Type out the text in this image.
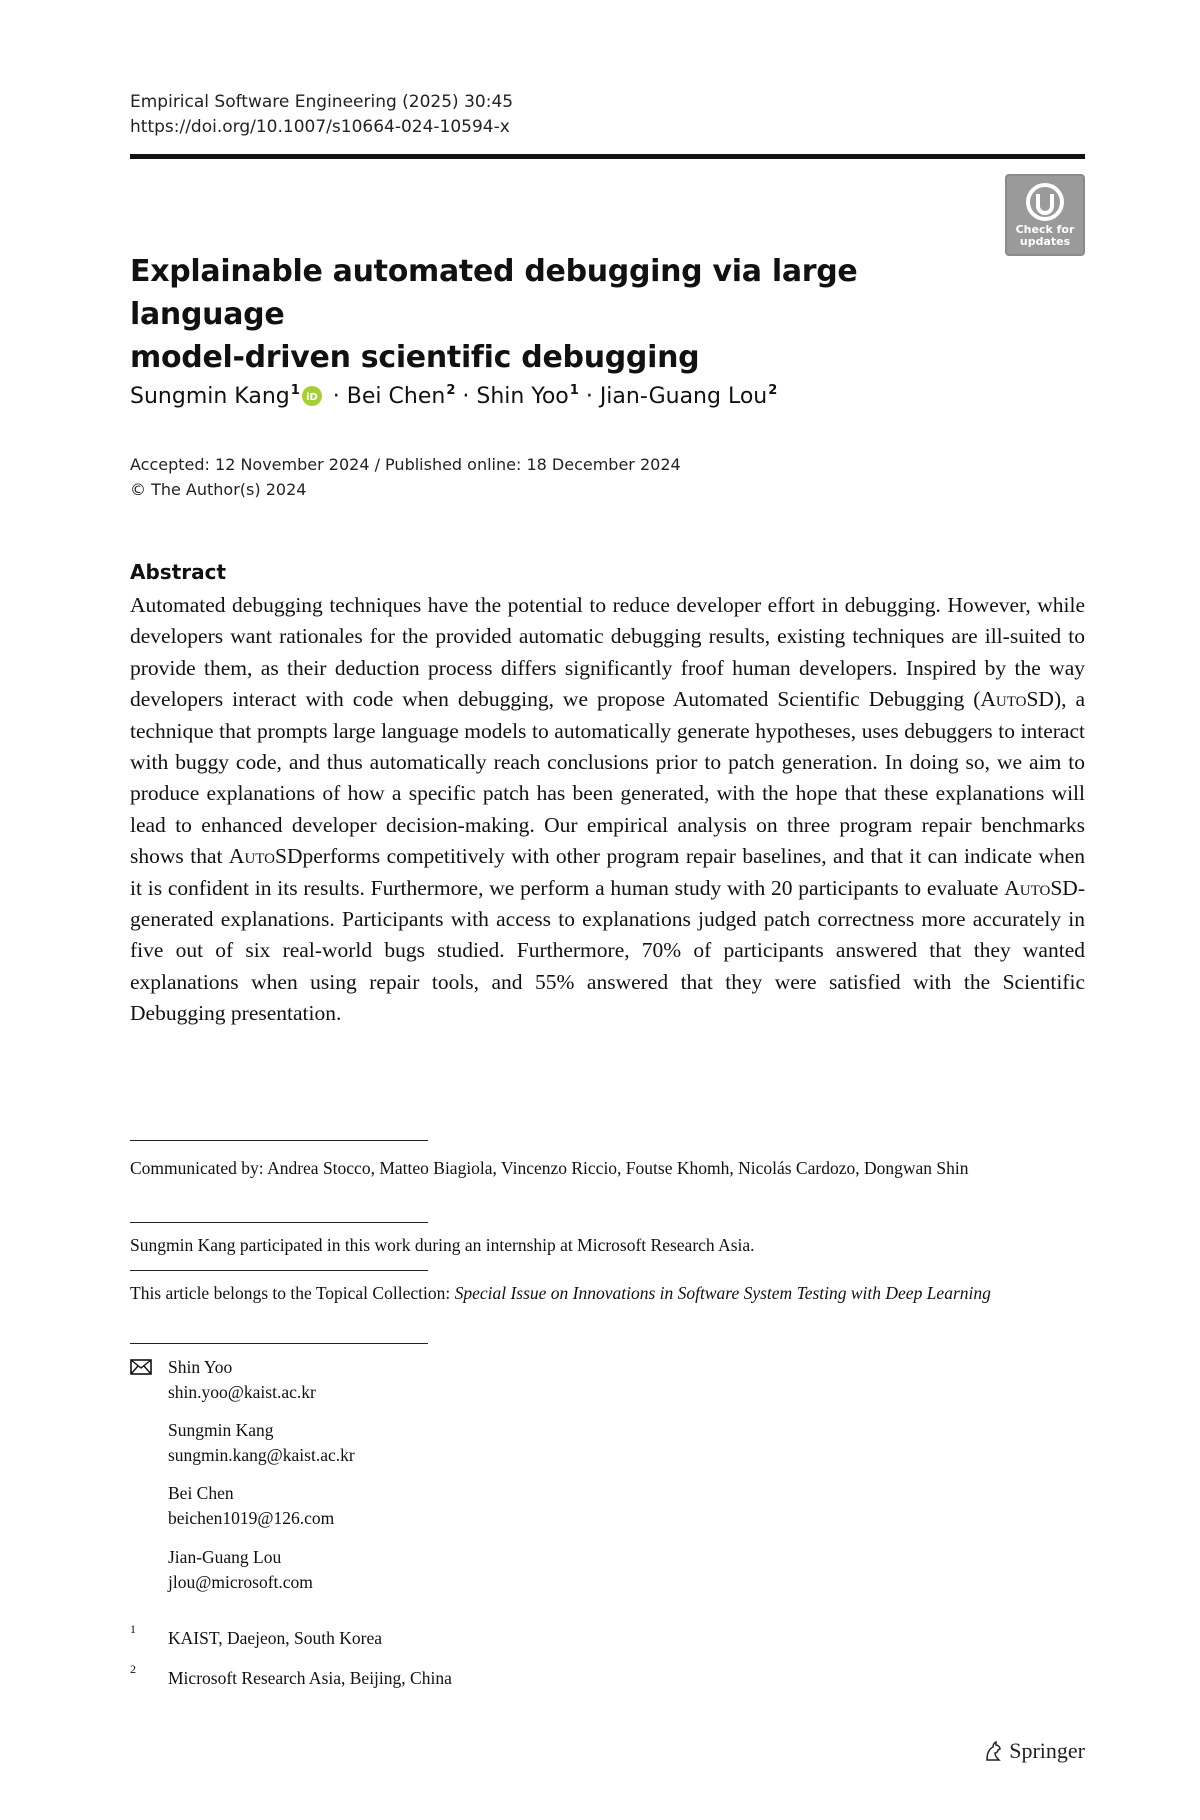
Empirical Software Engineering (2025) 30:45
https://doi.org/10.1007/s10664-024-10594-x
Check for
updates
Explainable automated debugging via large language
model-driven scientific debugging
Sungmin Kang$^1$ iD · Bei Chen$^2$ · Shin Yoo$^1$ · Jian-Guang Lou$^2$
Accepted: 12 November 2024 / Published online: 18 December 2024
© The Author(s) 2024
Abstract

Automated debugging techniques have the potential to reduce developer effort in debugging. However, while developers want rationales for the provided automatic debugging results, existing techniques are ill-suited to provide them, as their deduction process differs significantly froof human developers. Inspired by the way developers interact with code when debugging, we propose Automated Scientific Debugging (AutoSD), a technique that prompts large language models to automatically generate hypotheses, uses debuggers to interact with buggy code, and thus automatically reach conclusions prior to patch generation. In doing so, we aim to produce explanations of how a specific patch has been generated, with the hope that these explanations will lead to enhanced developer decision-making. Our empirical analysis on three program repair benchmarks shows that AutoSDperforms competitively with other program repair baselines, and that it can indicate when it is confident in its results. Furthermore, we perform a human study with 20 participants to evaluate AutoSD-generated explanations. Participants with access to explanations judged patch correctness more accurately in five out of six real-world bugs studied. Furthermore, 70% of participants answered that they wanted explanations when using repair tools, and 55% answered that they were satisfied with the Scientific Debugging presentation.

Communicated by: Andrea Stocco, Matteo Biagiola, Vincenzo Riccio, Foutse Khomh, Nicolás Cardozo, Dongwan Shin
Sungmin Kang participated in this work during an internship at Microsoft Research Asia.
This article belongs to the Topical Collection: Special Issue on Innovations in Software System Testing with Deep Learning
Shin Yoo
shin.yoo@kaist.ac.kr
Sungmin Kang
sungmin.kang@kaist.ac.kr
Bei Chen
beichen1019@126.com
Jian-Guang Lou
jlou@microsoft.com
1 KAIST, Daejeon, South Korea
2 Microsoft Research Asia, Beijing, China
Springer
